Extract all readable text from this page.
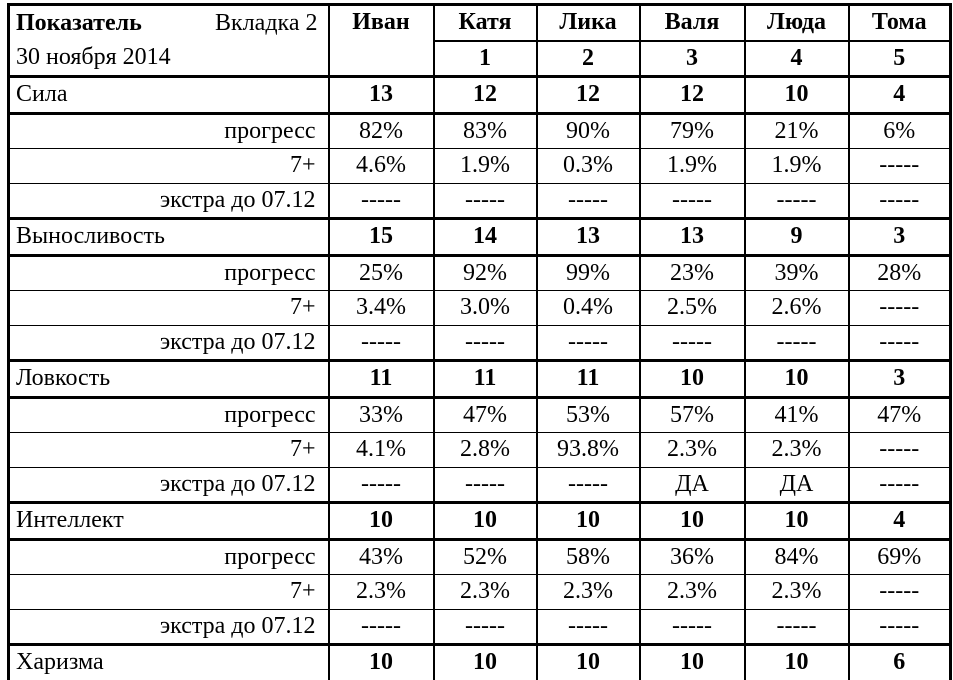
Показатель Вкладка 2	Иван	Катя	Лика	Валя	Люда	Тома
30 ноября 2014		1	2	3	4	5
Сила	13	12	12	12	10	4
прогресс	82%	83%	90%	79%	21%	6%
7+	4.6%	1.9%	0.3%	1.9%	1.9%	-----
экстра до 07.12	-----	-----	-----	-----	-----	-----
Выносливость	15	14	13	13	9	3
прогресс	25%	92%	99%	23%	39%	28%
7+	3.4%	3.0%	0.4%	2.5%	2.6%	-----
экстра до 07.12	-----	-----	-----	-----	-----	-----
Ловкость	11	11	11	10	10	3
прогресс	33%	47%	53%	57%	41%	47%
7+	4.1%	2.8%	93.8%	2.3%	2.3%	-----
экстра до 07.12	-----	-----	-----	ДА	ДА	-----
Интеллект	10	10	10	10	10	4
прогресс	43%	52%	58%	36%	84%	69%
7+	2.3%	2.3%	2.3%	2.3%	2.3%	-----
экстра до 07.12	-----	-----	-----	-----	-----	-----
Харизма	10	10	10	10	10	6
